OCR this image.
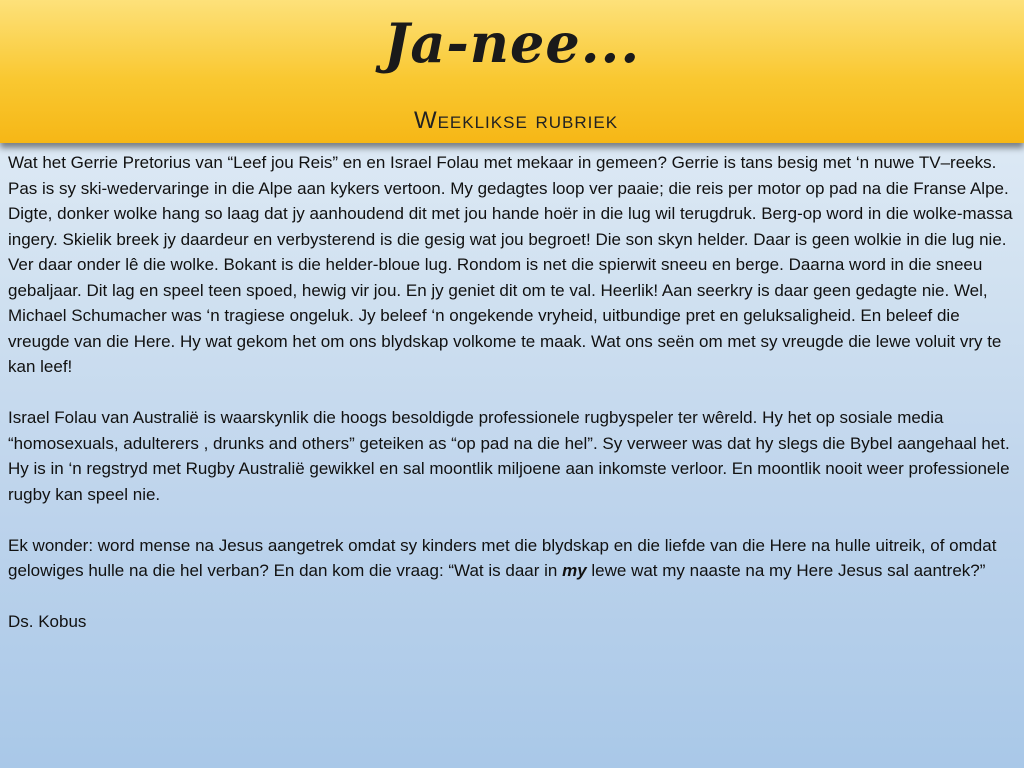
Ja-nee...
Weeklikse rubriek

Wat het Gerrie Pretorius van “Leef jou Reis” en en Israel Folau met mekaar in gemeen? Gerrie is tans besig met ‘n nuwe TV–reeks. Pas is sy ski-wedervaringe in die Alpe aan kykers vertoon. My gedagtes loop ver paaie; die reis per motor op pad na die Franse Alpe. Digte, donker wolke hang so laag dat jy aanhoudend dit met jou hande hoër in die lug wil terugdruk. Berg-op word in die wolke-massa ingery. Skielik breek jy daardeur en verbysterend is die gesig wat jou begroet! Die son skyn helder. Daar is geen wolkie in die lug nie. Ver daar onder lê die wolke. Bokant is die helder-bloue lug. Rondom is net die spierwit sneeu en berge. Daarna word in die sneeu gebaljaar. Dit lag en speel teen spoed, hewig vir jou. En jy geniet dit om te val. Heerlik! Aan seerkry is daar geen gedagte nie. Wel, Michael Schumacher was ‘n tragiese ongeluk. Jy beleef ‘n ongekende vryheid, uitbundige pret en geluksaligheid. En beleef die vreugde van die Here. Hy wat gekom het om ons blydskap volkome te maak. Wat ons seën om met sy vreugde die lewe voluit vry te kan leef!

Israel Folau van Australië is waarskynlik die hoogs besoldigde professionele rugbyspeler ter wêreld. Hy het op sosiale media “homosexuals, adulterers , drunks and others” geteiken as “op pad na die hel”. Sy verweer was dat hy slegs die Bybel aangehaal het. Hy is in ‘n regstryd met Rugby Australië gewikkel en sal moontlik miljoene aan inkomste verloor. En moontlik nooit weer professionele rugby kan speel nie.

Ek wonder: word mense na Jesus aangetrek omdat sy kinders met die blydskap en die liefde van die Here na hulle uitreik, of omdat gelowiges hulle na die hel verban? En dan kom die vraag: “Wat is daar in my lewe wat my naaste na my Here Jesus sal aantrek?”

Ds. Kobus
